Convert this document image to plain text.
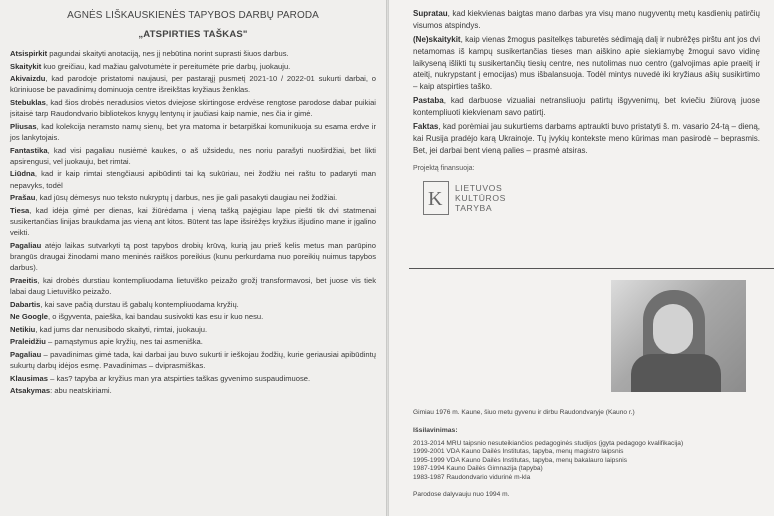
AGNĖS LIŠKAUSKIENĖS TAPYBOS DARBŲ PARODA
„ATSPIRTIES TAŠKAS"
Atsispirkit pagundai skaityti anotaciją, nes jį nebūtina norint suprasti šiuos darbus.
Skaitykit kuo greičiau, kad mažiau galvotumėte ir pereitumėte prie darbų, juokauju.
Akivaizdu, kad parodoje pristatomi naujausi, per pastarąjį pusmetį 2021-10 / 2022-01 sukurti darbai, o kūriniuose be pavadinimų dominuoja centre išreikštas kryžiaus ženklas.
Stebuklas, kad šios drobės neradusios vietos dviejose skirtingose erdvėse rengtose parodose dabar puikiai įsitaisė tarp Raudondvario bibliotekos knygų lentynų ir jaučiasi kaip namie, nes čia ir gimė.
Pliusas, kad kolekcija neramsto namų sienų, bet yra matoma ir betarpiškai komunikuoja su esama erdve ir jos lankytojais.
Fantastika, kad visi pagaliau nusiėmė kaukes, o aš užsidedu, nes noriu parašyti nuoširdžiai, bet likti apsirengusi, vel juokauju, bet rimtai.
Liūdna, kad ir kaip rimtai stengčiausi apibūdinti tai ką sukūriau, nei žodžiu nei raštu to padaryti man nepavyks, todėl
Prašau, kad jūsų dėmesys nuo teksto nukryptų į darbus, nes jie gali pasakyti daugiau nei žodžiai.
Tiesa, kad idėja gimė per dienas, kai žiūrėdama į vieną tašką pajėgiau lape piešti tik dvi statmenai susikertančias linijas braukdama jas vieną ant kitos. Būtent tas lape išsirėžęs kryžius išjudino mane ir įgalino veikti.
Pagaliau atėjo laikas sutvarkyti tą post tapybos drobių krūvą, kurią jau prieš kelis metus man parūpino brangūs draugai žinodami mano meninės raiškos poreikius (kunu perkurdama nuo poreikių nuimus tapybos darbus).
Praeitis, kai drobės durstiau kontempliuodama lietuviško peizažo grožį transformavosi, bet juose vis tiek labai daug Lietuviško peizažo.
Dabartis, kai save pačią durstau iš gabalų kontempliuodama kryžių.
Ne Google, o išgyventa, paieška, kai bandau susivokti kas esu ir kuo nesu.
Netikiu, kad jums dar nenusibodo skaityti, rimtai, juokauju.
Praleidžiu – pamąstymus apie kryžių, nes tai asmeniška.
Pagaliau – pavadinimas gimė tada, kai darbai jau buvo sukurti ir ieškojau žodžių, kurie geriausiai apibūdintų sukurtų darbų idėjos esmę. Pavadinimas – dviprasmiškas.
Klausimas – kas? tapyba ar kryžius man yra atspirties taškas gyvenimo suspaudimuose.
Atsakymas: abu neatskiriami.
Supratau, kad kiekvienas baigtas mano darbas yra visų mano nugyventų metų kasdienių patirčių visumos atspindys.
(Ne)skaitykit, kaip vienas žmogus pasitelkęs taburetės sėdimąją dalį ir nubrėžęs pirštu ant jos dvi netamomas iš kampų susikertančias tieses man aiškino apie siekiamybę žmogui savo vidinę laikyseną išlikti tų susikertančių tiesių centre, nes nutolimas nuo centro (galvojimas apie praeitį ir ateitį, nukrypstant į emocijas) mus išbalansuoja. Todėl mintys nuvedė iki kryžiaus ašių susikirtimo – kaip atspirties taško.
Pastaba, kad darbuose vizualiai netransliuoju patirtų išgyvenimų, bet kviečiu žiūrovą juose kontempliuoti kiekvienam savo patirtį.
Faktas, kad porėmiai jau sukurtiems darbams aptraukti buvo pristatyti š. m. vasario 24-tą – dieną, kai Rusija pradėjo karą Ukrainoje. Tų įvykių kontekste meno kūrimas man pasirodė – beprasmis. Bet, jei darbai bent vieną palies – prasmė atsiras.
Projektą finansuoja:
K LIETUVOS
KULTŪROS
TARYBA
Gimiau 1976 m. Kaune, šiuo metu gyvenu ir dirbu Raudondvaryje (Kauno r.)
Išsilavinimas:
2013-2014 MRU taipsnio nesuteikiančios pedagoginės studijos (įgyta pedagogo kvalifikacija)
1999-2001 VDA Kauno Dailės Institutas, tapyba, menų magistro laipsnis
1995-1999 VDA Kauno Dailės Institutas, tapyba, menų bakalauro laipsnis
1987-1994 Kauno Dailės Gimnazija (tapyba)
1983-1987 Raudondvario vidurinė m-kla
Parodose dalyvauju nuo 1994 m.
